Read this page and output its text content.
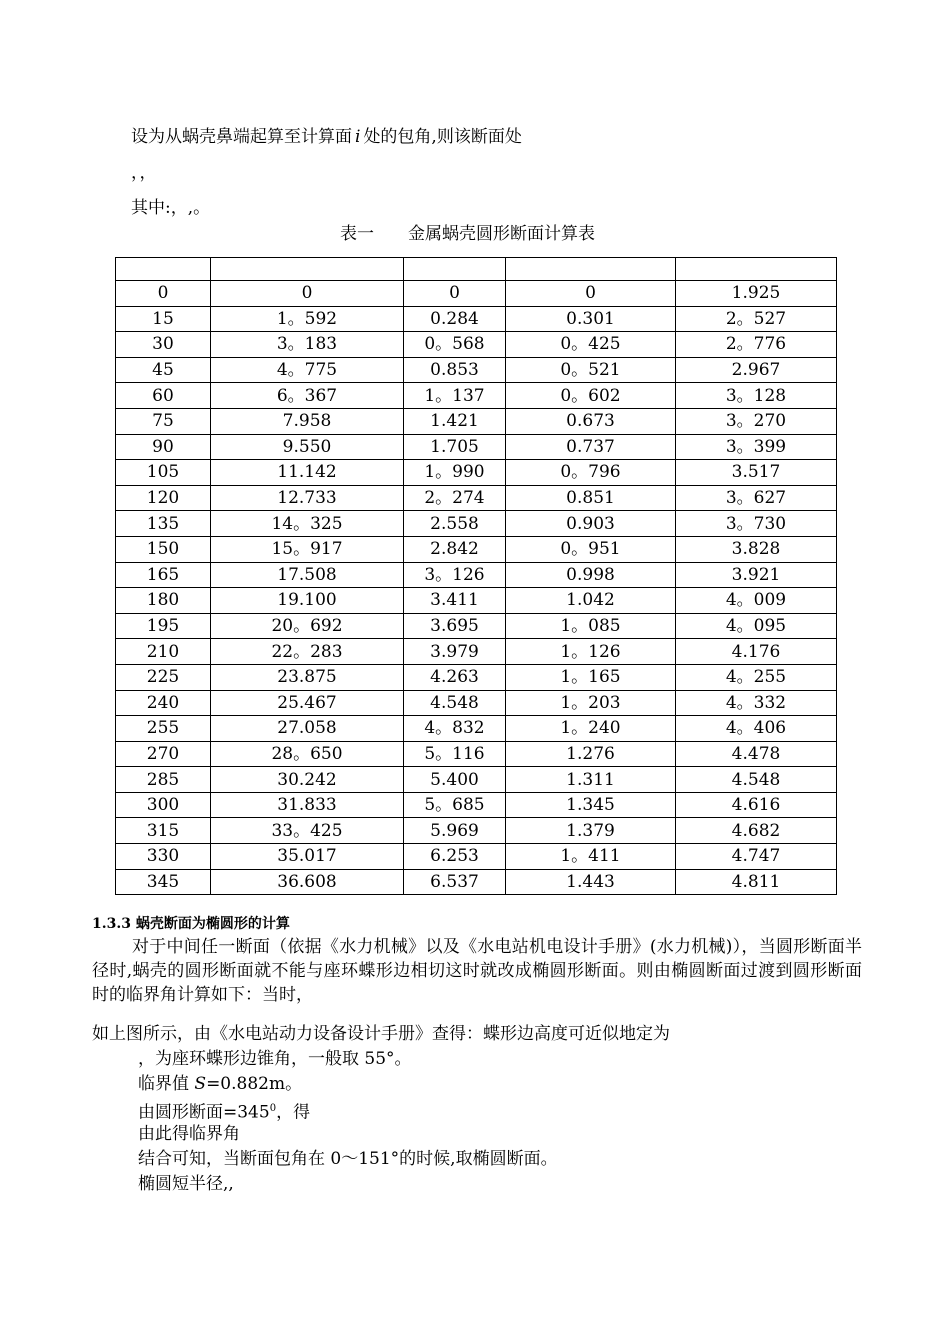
设为从蜗壳鼻端起算至计算面 i 处的包角,则该断面处
，，
其中:，,。
表一　　金属蜗壳圆形断面计算表

0	0	0	0	1.925
15	1。592	0.284	0.301	2。527
30	3。183	0。568	0。425	2。776
45	4。775	0.853	0。521	2.967
60	6。367	1。137	0。602	3。128
75	7.958	1.421	0.673	3。270
90	9.550	1.705	0.737	3。399
105	11.142	1。990	0。796	3.517
120	12.733	2。274	0.851	3。627
135	14。325	2.558	0.903	3。730
150	15。917	2.842	0。951	3.828
165	17.508	3。126	0.998	3.921
180	19.100	3.411	1.042	4。009
195	20。692	3.695	1。085	4。095
210	22。283	3.979	1。126	4.176
225	23.875	4.263	1。165	4。255
240	25.467	4.548	1。203	4。332
255	27.058	4。832	1。240	4。406
270	28。650	5。116	1.276	4.478
285	30.242	5.400	1.311	4.548
300	31.833	5。685	1.345	4.616
315	33。425	5.969	1.379	4.682
330	35.017	6.253	1。411	4.747
345	36.608	6.537	1.443	4.811
1.3.3 蜗壳断面为椭圆形的计算
对于中间任一断面（依据《水力机械》以及《水电站机电设计手册》(水力机械)），当圆形断面半径时,蜗壳的圆形断面就不能与座环蝶形边相切这时就改成椭圆形断面。则由椭圆断面过渡到圆形断面时的临界角计算如下：当时，
如上图所示，由《水电站动力设备设计手册》查得：蝶形边高度可近似地定为
，为座环蝶形边锥角，一般取 55°。
临界值 S=0.882m。
由圆形断面$=345^0$，得
由此得临界角
结合可知，当断面包角在 0～151°的时候,取椭圆断面。
椭圆短半径,,
